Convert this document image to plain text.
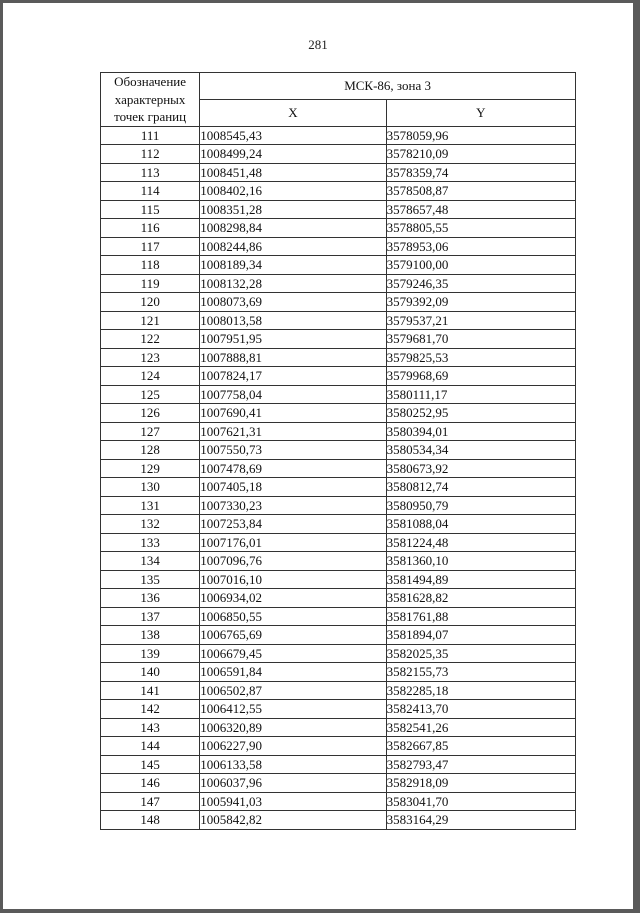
281
Обозначение характерных точек границ	МСК-86, зона 3	
	X	Y
111	1008545,43	3578059,96
112	1008499,24	3578210,09
113	1008451,48	3578359,74
114	1008402,16	3578508,87
115	1008351,28	3578657,48
116	1008298,84	3578805,55
117	1008244,86	3578953,06
118	1008189,34	3579100,00
119	1008132,28	3579246,35
120	1008073,69	3579392,09
121	1008013,58	3579537,21
122	1007951,95	3579681,70
123	1007888,81	3579825,53
124	1007824,17	3579968,69
125	1007758,04	3580111,17
126	1007690,41	3580252,95
127	1007621,31	3580394,01
128	1007550,73	3580534,34
129	1007478,69	3580673,92
130	1007405,18	3580812,74
131	1007330,23	3580950,79
132	1007253,84	3581088,04
133	1007176,01	3581224,48
134	1007096,76	3581360,10
135	1007016,10	3581494,89
136	1006934,02	3581628,82
137	1006850,55	3581761,88
138	1006765,69	3581894,07
139	1006679,45	3582025,35
140	1006591,84	3582155,73
141	1006502,87	3582285,18
142	1006412,55	3582413,70
143	1006320,89	3582541,26
144	1006227,90	3582667,85
145	1006133,58	3582793,47
146	1006037,96	3582918,09
147	1005941,03	3583041,70
148	1005842,82	3583164,29
